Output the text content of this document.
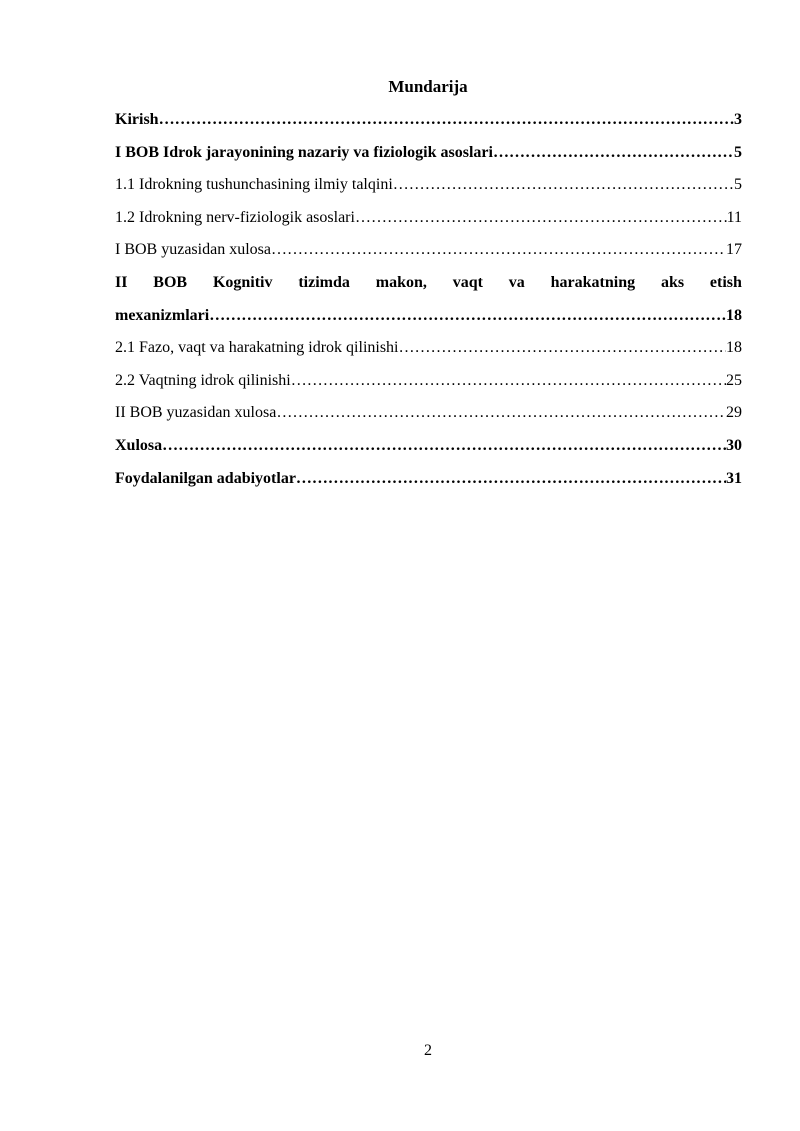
Mundarija
Kirish …………………………………………………………………………………………………………………………………………………………………………	3
I BOB Idrok jarayonining nazariy va fiziologik asoslari …………………………………………………………………………………………………………………………………………………………………………	5
1.1 Idrokning tushunchasining ilmiy talqini …………………………………………………………………………………………………………………………………………………………………………	5
1.2 Idrokning nerv-fiziologik asoslari …………………………………………………………………………………………………………………………………………………………………………	11
I BOB yuzasidan xulosa …………………………………………………………………………………………………………………………………………………………………………	17
II BOB Kognitiv tizimda makon, vaqt va harakatning aks etish
mexanizmlari …………………………………………………………………………………………………………………………………………………………………………	18
2.1 Fazo, vaqt va harakatning idrok qilinishi …………………………………………………………………………………………………………………………………………………………………………	18
2.2 Vaqtning idrok qilinishi …………………………………………………………………………………………………………………………………………………………………………	25
II BOB yuzasidan xulosa …………………………………………………………………………………………………………………………………………………………………………	29
Xulosa …………………………………………………………………………………………………………………………………………………………………………	30
Foydalanilgan adabiyotlar …………………………………………………………………………………………………………………………………………………………………………	31
2
